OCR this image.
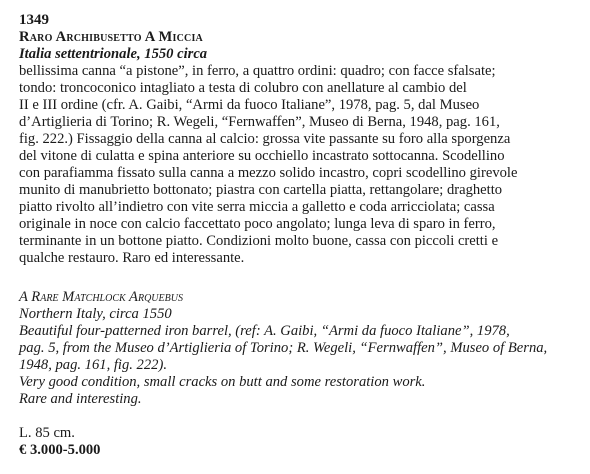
1349
Raro Archibusetto A Miccia
Italia settentrionale, 1550 circa
bellissima canna “a pistone”, in ferro, a quattro ordini: quadro; con facce sfalsate;
tondo: troncoconico intagliato a testa di colubro con anellature al cambio del
II e III ordine (cfr. A. Gaibi, “Armi da fuoco Italiane”, 1978, pag. 5, dal Museo
d’Artiglieria di Torino; R. Wegeli, “Fernwaffen”, Museo di Berna, 1948, pag. 161,
fig. 222.) Fissaggio della canna al calcio: grossa vite passante su foro alla sporgenza
del vitone di culatta e spina anteriore su occhiello incastrato sottocanna. Scodellino
con parafiamma fissato sulla canna a mezzo solido incastro, copri scodellino girevole
munito di manubrietto bottonato; piastra con cartella piatta, rettangolare; draghetto
piatto rivolto all’indietro con vite serra miccia a galletto e coda arricciolata; cassa
originale in noce con calcio faccettato poco angolato; lunga leva di sparo in ferro,
terminante in un bottone piatto. Condizioni molto buone, cassa con piccoli cretti e
qualche restauro. Raro ed interessante.
A Rare Matchlock Arquebus
Northern Italy, circa 1550
Beautiful four-patterned iron barrel, (ref: A. Gaibi, “Armi da fuoco Italiane”, 1978,
pag. 5, from the Museo d’Artiglieria of Torino; R. Wegeli, “Fernwaffen”, Museo of Berna,
1948, pag. 161, fig. 222).
Very good condition, small cracks on butt and some restoration work.
Rare and interesting.
L. 85 cm.
€ 3.000-5.000
